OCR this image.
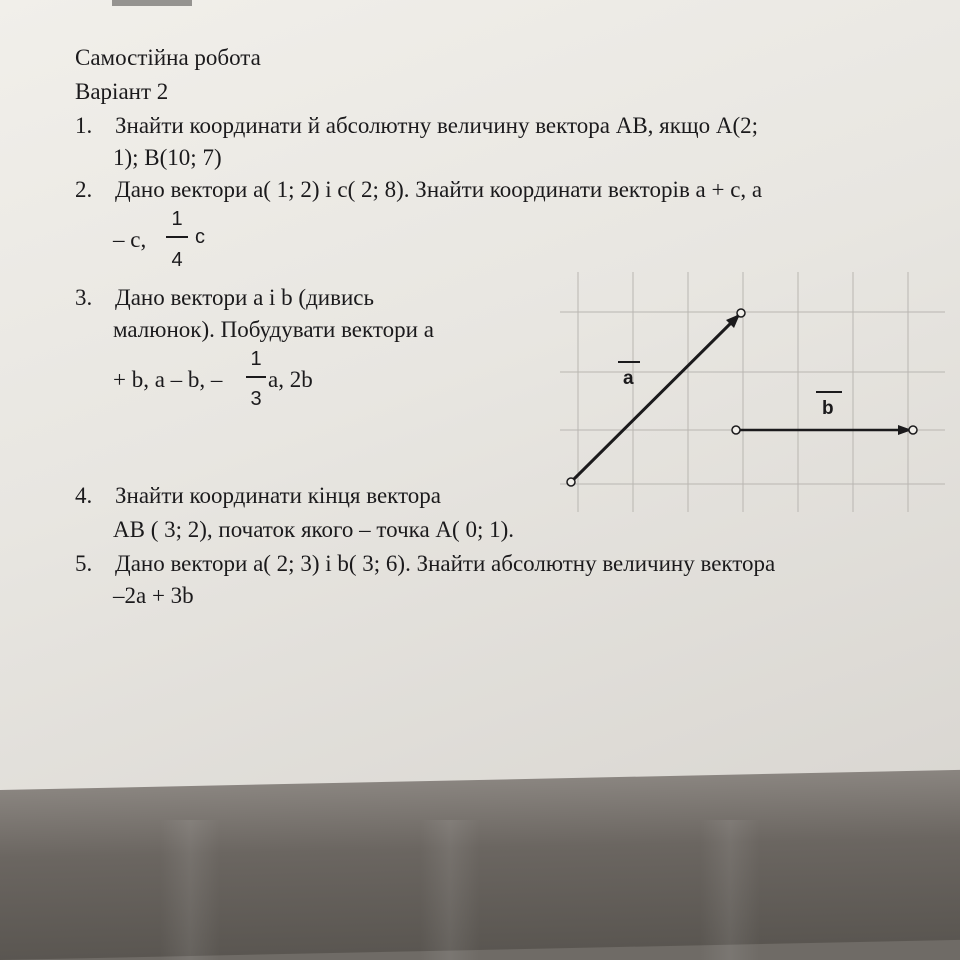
Самостійна робота
Варіант 2
1. Знайти координати й абсолютну величину вектора AB, якщо A(2;
1); B(10; 7)
2. Дано вектори a( 1; 2) і c( 2; 8). Знайти координати векторів a + c, a
– c,
1
4
c
3. Дано вектори a і b (дивись
малюнок). Побудувати вектори a
+ b, a – b, –
1
3
a, 2b	a
b
4. Знайти координати кінця вектора
AB ( 3; 2), початок якого – точка A( 0; 1).
5. Дано вектори a( 2; 3) і b( 3; 6). Знайти абсолютну величину вектора
–2a + 3b
